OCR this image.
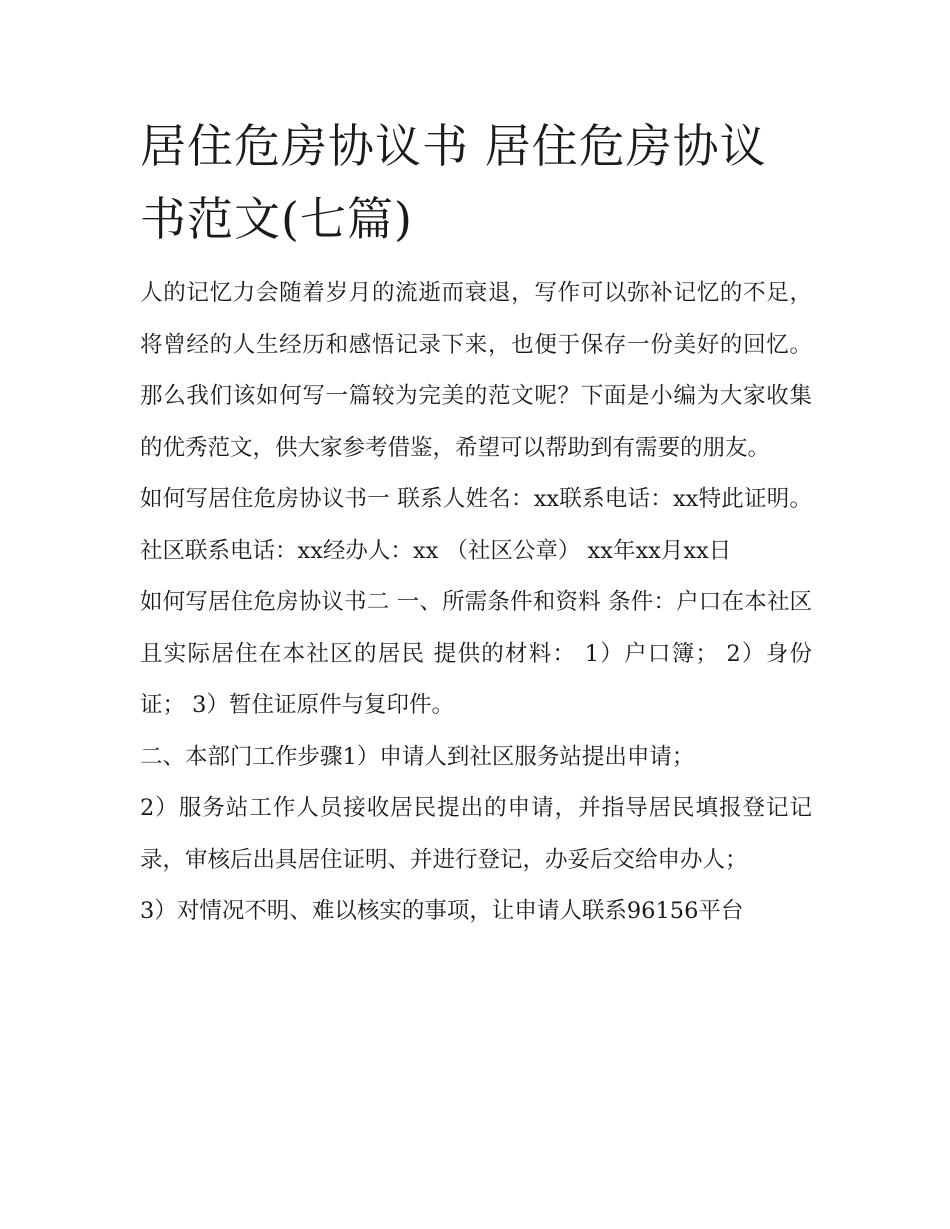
居住危房协议书 居住危房协议书范文(七篇)

人的记忆力会随着岁月的流逝而衰退，写作可以弥补记忆的不足，将曾经的人生经历和感悟记录下来，也便于保存一份美好的回忆。那么我们该如何写一篇较为完美的范文呢？下面是小编为大家收集的优秀范文，供大家参考借鉴，希望可以帮助到有需要的朋友。

如何写居住危房协议书一 联系人姓名：xx联系电话：xx特此证明。 社区联系电话：xx经办人：xx （社区公章） xx年xx月xx日

如何写居住危房协议书二 一、所需条件和资料 条件：户口在本社区且实际居住在本社区的居民 提供的材料： 1）户口簿； 2）身份证； 3）暂住证原件与复印件。

二、本部门工作步骤1）申请人到社区服务站提出申请；

2）服务站工作人员接收居民提出的申请，并指导居民填报登记记录，审核后出具居住证明、并进行登记，办妥后交给申办人；

3）对情况不明、难以核实的事项，让申请人联系96156平台
